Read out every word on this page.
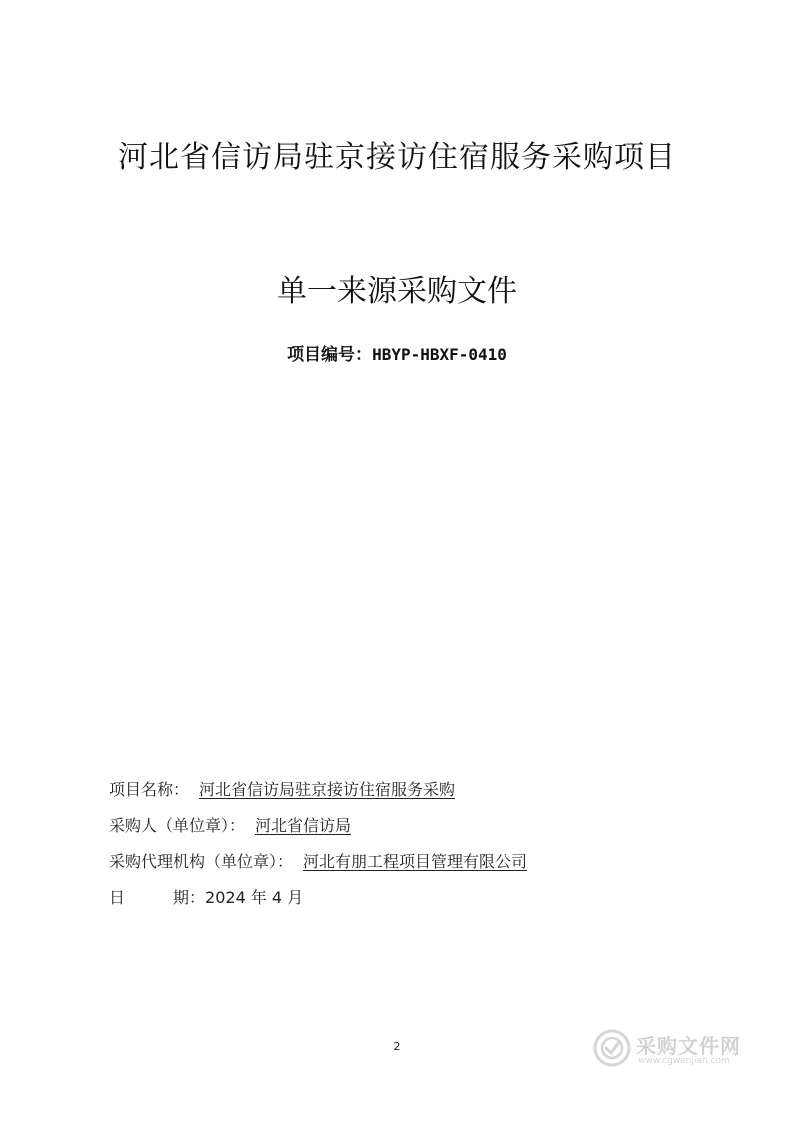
河北省信访局驻京接访住宿服务采购项目
单一来源采购文件
项目编号：HBYP-HBXF-0410
项目名称： 河北省信访局驻京接访住宿服务采购
采购人（单位章）： 河北省信访局
采购代理机构（单位章）： 河北有朋工程项目管理有限公司
日	期：2024 年 4 月
2	采购文件网
www.cgwenjian.com
